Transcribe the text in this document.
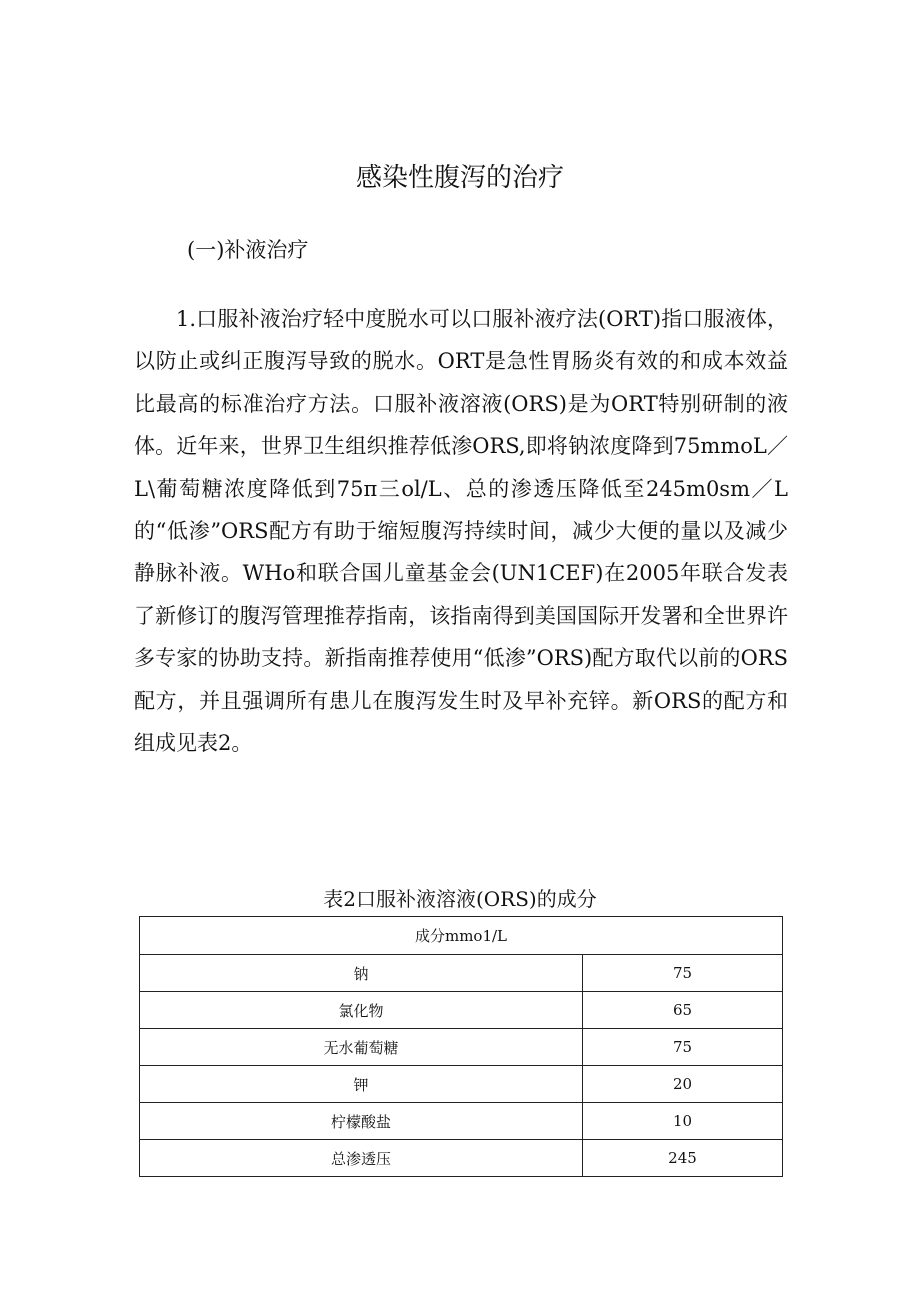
感染性腹泻的治疗

(一)补液治疗

1.口服补液治疗轻中度脱水可以口服补液疗法(ORT)指口服液体，以防止或纠正腹泻导致的脱水。ORT是急性胃肠炎有效的和成本效益比最高的标准治疗方法。口服补液溶液(ORS)是为ORT特别研制的液体。近年来，世界卫生组织推荐低渗ORS,即将钠浓度降到75mmoL／L\葡萄糖浓度降低到75π三ol/L、总的渗透压降低至245m0sm／L的“低渗”ORS配方有助于缩短腹泻持续时间，减少大便的量以及减少静脉补液。WHo和联合国儿童基金会(UN1CEF)在2005年联合发表了新修订的腹泻管理推荐指南，该指南得到美国国际开发署和全世界许多专家的协助支持。新指南推荐使用“低渗”ORS)配方取代以前的ORS配方，并且强调所有患儿在腹泻发生时及早补充锌。新ORS的配方和组成见表2。

表2口服补液溶液(ORS)的成分

成分mmo1/L	
钠	75
氯化物	65
无水葡萄糖	75
钾	20
柠檬酸盐	10
总渗透压	245
